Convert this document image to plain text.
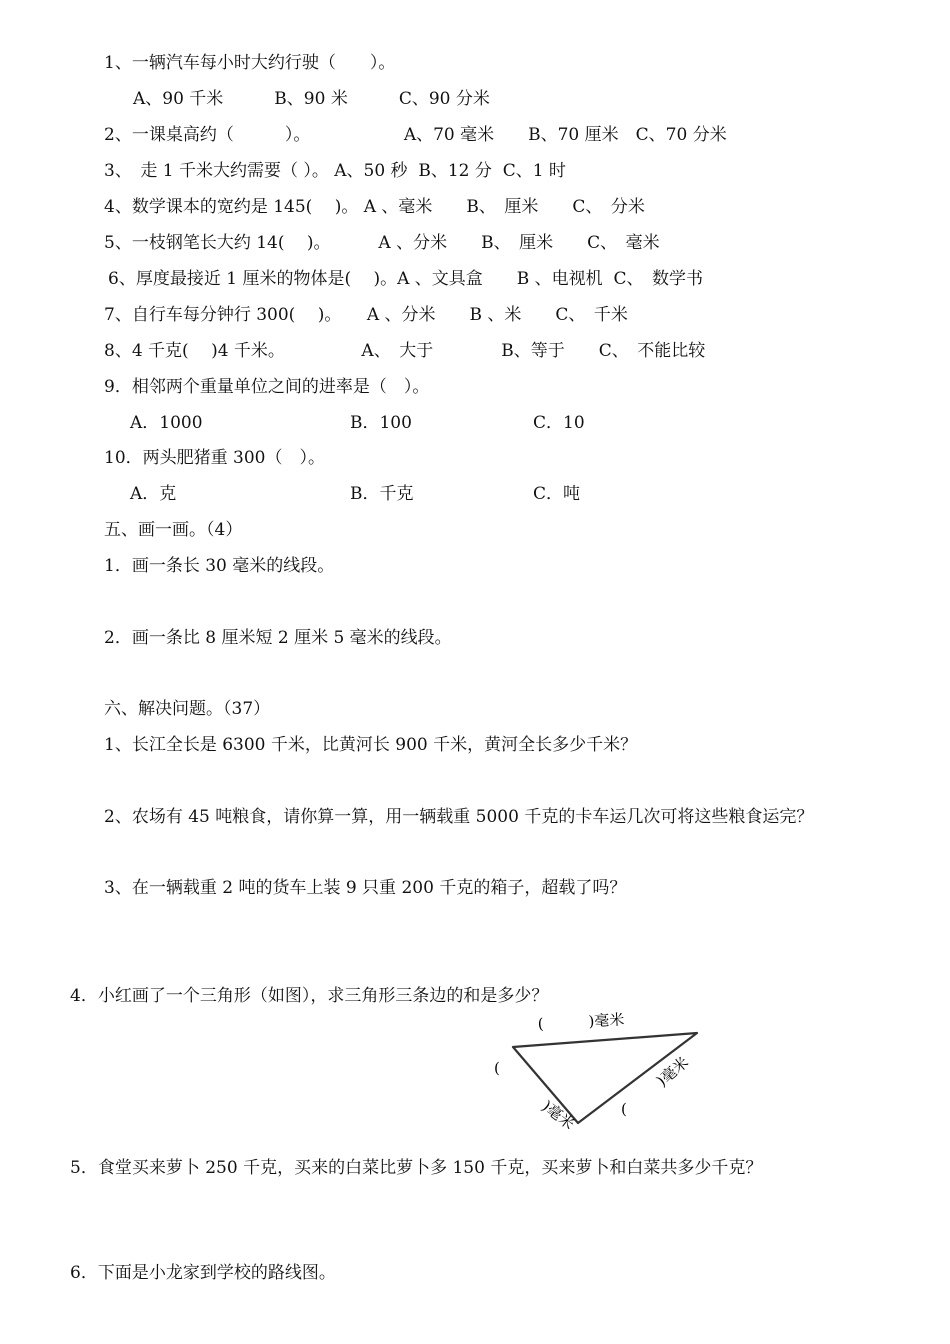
1、一辆汽车每小时大约行驶（　　）。
A、90 千米　　　B、90 米　　　C、90 分米
2、一课桌高约（　　　）。　　　　　　A、70 毫米　　B、70 厘米　C、70 分米
3、　走 1 千米大约需要（ ）。 A、50 秒  B、12 分  C、1 时
4、数学课本的宽约是 145(　 )。 A 、毫米　　B、　厘米　　C、　分米
5、一枝钢笔长大约 14(　 )。　　　 A 、分米　　B、　厘米　　C、　毫米
6、厚度最接近 1 厘米的物体是(　 )。A 、文具盒　　B 、电视机  C、　数学书
7、自行车每分钟行 300(　 )。　　A 、分米　　B 、米　　C、　千米
8、4 千克(　 )4 千米。　　　　　A、　大于　　　　B、等于　　C、　不能比较
9．相邻两个重量单位之间的进率是（　）。
A．1000	B．100	C．10
10．两头肥猪重 300（　）。
A．克	B．千克	C．吨
五、画一画。（4）
1．画一条长 30 毫米的线段。
2．画一条比 8 厘米短 2 厘米 5 毫米的线段。
六、解决问题。（37）
1、长江全长是 6300 千米，比黄河长 900 千米，黄河全长多少千米？
2、农场有 45 吨粮食，请你算一算，用一辆载重 5000 千克的卡车运几次可将这些粮食运完？
3、在一辆载重 2 吨的货车上装 9 只重 200 千克的箱子，超载了吗？
4．小红画了一个三角形（如图），求三角形三条边的和是多少？
5．食堂买来萝卜 250 千克，买来的白菜比萝卜多 150 千克，买来萝卜和白菜共多少千克？
6．下面是小龙家到学校的路线图。
(　　　)毫米
(	)毫米
)毫米	(
